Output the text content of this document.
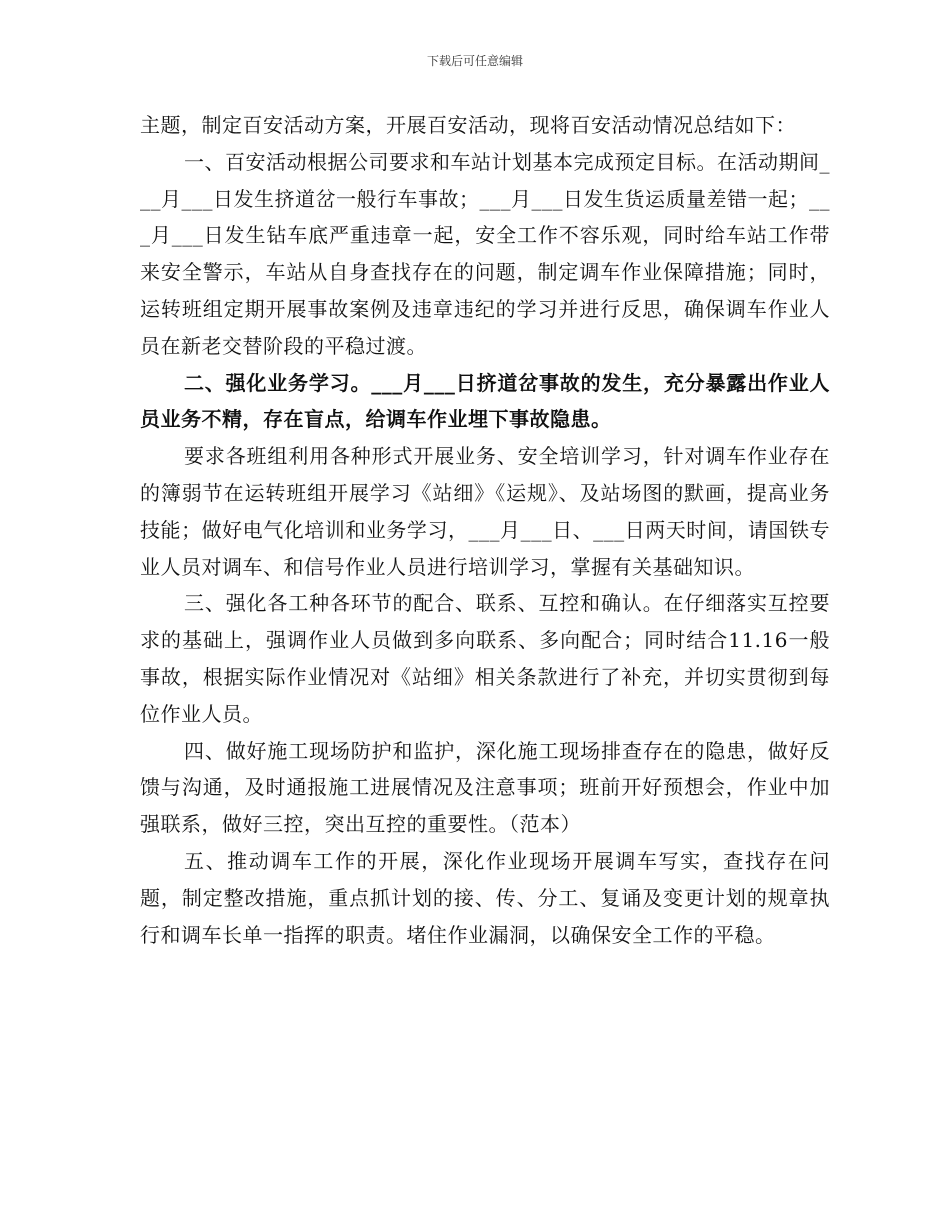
下载后可任意编辑

主题，制定百安活动方案，开展百安活动，现将百安活动情况总结如下：

一、百安活动根据公司要求和车站计划基本完成预定目标。在活动期间___月___日发生挤道岔一般行车事故；___月___日发生货运质量差错一起；___月___日发生钻车底严重违章一起，安全工作不容乐观，同时给车站工作带来安全警示，车站从自身查找存在的问题，制定调车作业保障措施；同时，运转班组定期开展事故案例及违章违纪的学习并进行反思，确保调车作业人员在新老交替阶段的平稳过渡。

二、强化业务学习。___月___日挤道岔事故的发生，充分暴露出作业人员业务不精，存在盲点，给调车作业埋下事故隐患。

要求各班组利用各种形式开展业务、安全培训学习，针对调车作业存在的簿弱节在运转班组开展学习《站细》《运规》、及站场图的默画，提高业务技能；做好电气化培训和业务学习，___月___日、___日两天时间，请国铁专业人员对调车、和信号作业人员进行培训学习，掌握有关基础知识。

三、强化各工种各环节的配合、联系、互控和确认。在仔细落实互控要求的基础上，强调作业人员做到多向联系、多向配合；同时结合11.16一般事故，根据实际作业情况对《站细》相关条款进行了补充，并切实贯彻到每位作业人员。

四、做好施工现场防护和监护，深化施工现场排查存在的隐患，做好反馈与沟通，及时通报施工进展情况及注意事项；班前开好预想会，作业中加强联系，做好三控，突出互控的重要性。（范本）

五、推动调车工作的开展，深化作业现场开展调车写实，查找存在问题，制定整改措施，重点抓计划的接、传、分工、复诵及变更计划的规章执行和调车长单一指挥的职责。堵住作业漏洞，以确保安全工作的平稳。
